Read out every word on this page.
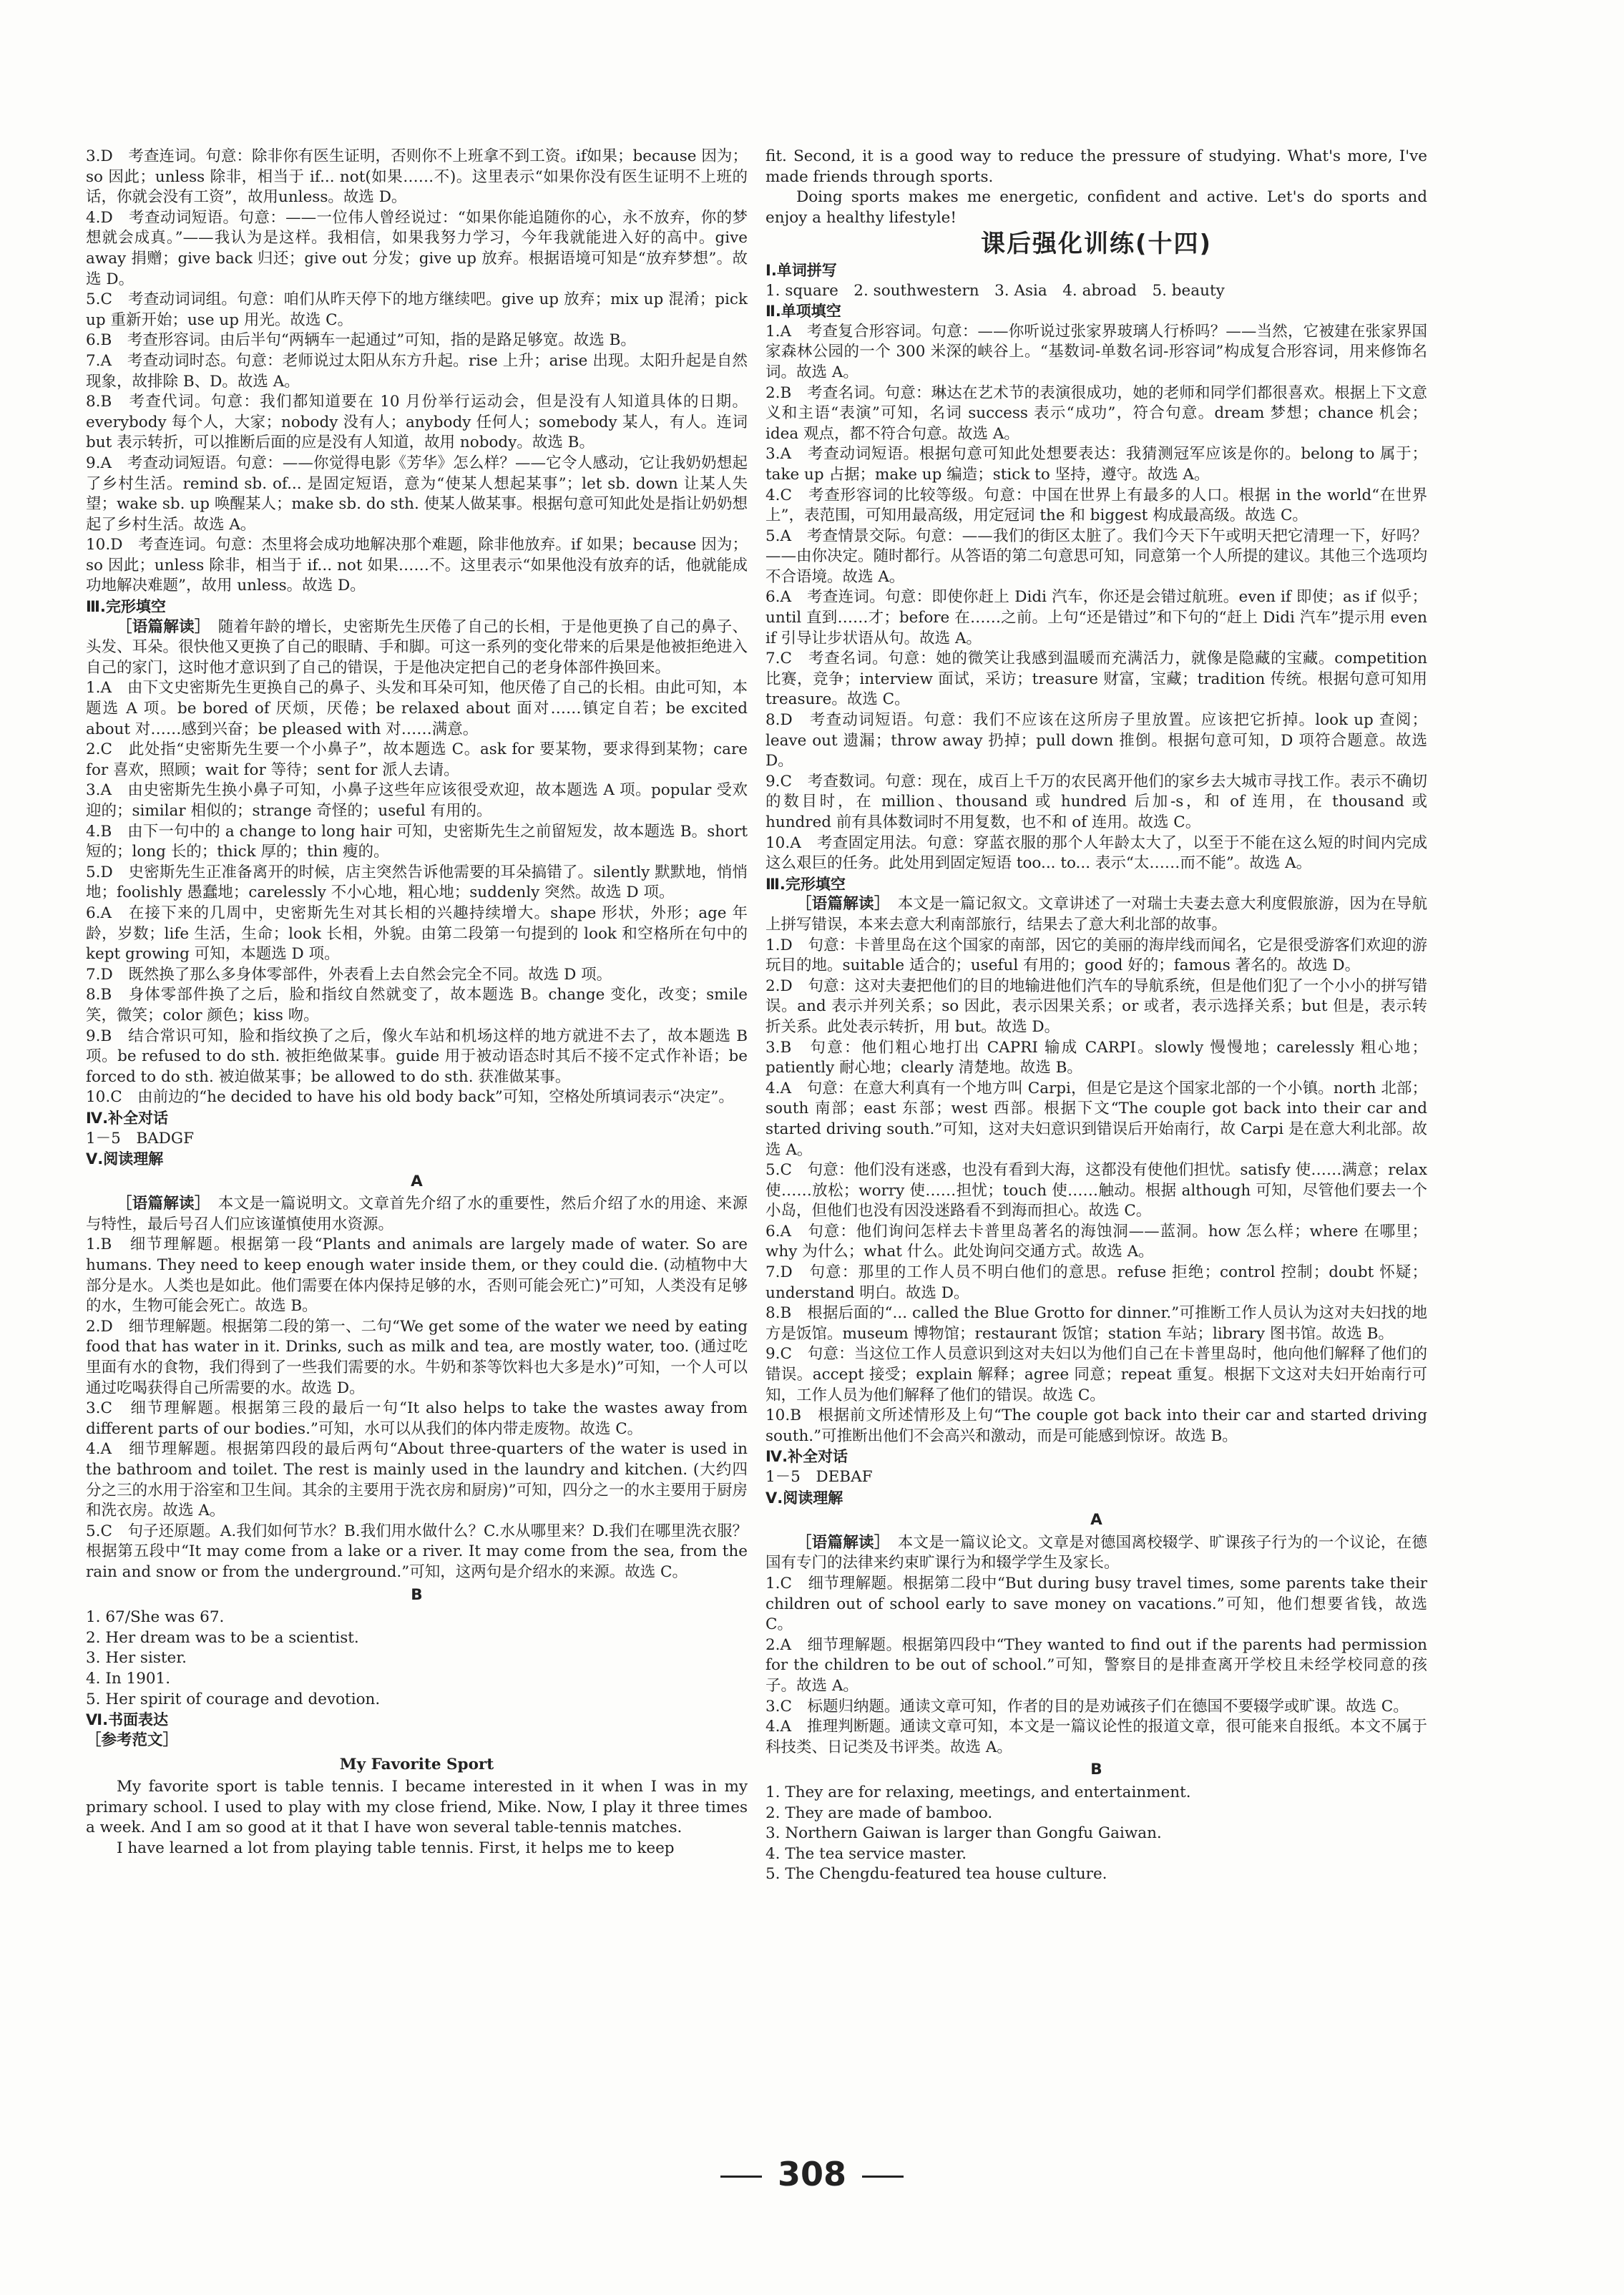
3.D　考查连词。句意：除非你有医生证明，否则你不上班拿不到工资。if如果；because 因为；so 因此；unless 除非，相当于 if... not(如果……不)。这里表示“如果你没有医生证明不上班的话，你就会没有工资”，故用unless。故选 D。

4.D　考查动词短语。句意：——一位伟人曾经说过：“如果你能追随你的心，永不放弃，你的梦想就会成真。”——我认为是这样。我相信，如果我努力学习，今年我就能进入好的高中。give away 捐赠；give back 归还；give out 分发；give up 放弃。根据语境可知是“放弃梦想”。故选 D。

5.C　考查动词词组。句意：咱们从昨天停下的地方继续吧。give up 放弃；mix up 混淆；pick up 重新开始；use up 用光。故选 C。

6.B　考查形容词。由后半句“两辆车一起通过”可知，指的是路足够宽。故选 B。

7.A　考查动词时态。句意：老师说过太阳从东方升起。rise 上升；arise 出现。太阳升起是自然现象，故排除 B、D。故选 A。

8.B　考查代词。句意：我们都知道要在 10 月份举行运动会，但是没有人知道具体的日期。everybody 每个人，大家；nobody 没有人；anybody 任何人；somebody 某人，有人。连词 but 表示转折，可以推断后面的应是没有人知道，故用 nobody。故选 B。

9.A　考查动词短语。句意：——你觉得电影《芳华》怎么样？——它令人感动，它让我奶奶想起了乡村生活。remind sb. of... 是固定短语，意为“使某人想起某事”；let sb. down 让某人失望；wake sb. up 唤醒某人；make sb. do sth. 使某人做某事。根据句意可知此处是指让奶奶想起了乡村生活。故选 A。

10.D　考查连词。句意：杰里将会成功地解决那个难题，除非他放弃。if 如果；because 因为；so 因此；unless 除非，相当于 if... not 如果……不。这里表示“如果他没有放弃的话，他就能成功地解决难题”，故用 unless。故选 D。

Ⅲ.完形填空

［语篇解读］　 随着年龄的增长，史密斯先生厌倦了自己的长相，于是他更换了自己的鼻子、头发、耳朵。很快他又更换了自己的眼睛、手和脚。可这一系列的变化带来的后果是他被拒绝进入自己的家门，这时他才意识到了自己的错误，于是他决定把自己的老身体部件换回来。

1.A　由下文史密斯先生更换自己的鼻子、头发和耳朵可知，他厌倦了自己的长相。由此可知，本题选 A 项。be bored of 厌烦，厌倦；be relaxed about 面对……镇定自若；be excited about 对……感到兴奋；be pleased with 对……满意。

2.C　此处指“史密斯先生要一个小鼻子”，故本题选 C。ask for 要某物，要求得到某物；care for 喜欢，照顾；wait for 等待；sent for 派人去请。

3.A　由史密斯先生换小鼻子可知，小鼻子这些年应该很受欢迎，故本题选 A 项。popular 受欢迎的；similar 相似的；strange 奇怪的；useful 有用的。

4.B　由下一句中的 a change to long hair 可知，史密斯先生之前留短发，故本题选 B。short 短的；long 长的；thick 厚的；thin 瘦的。

5.D　史密斯先生正准备离开的时候，店主突然告诉他需要的耳朵搞错了。silently 默默地，悄悄地；foolishly 愚蠢地；carelessly 不小心地，粗心地；suddenly 突然。故选 D 项。

6.A　在接下来的几周中，史密斯先生对其长相的兴趣持续增大。shape 形状，外形；age 年龄，岁数；life 生活，生命；look 长相，外貌。由第二段第一句提到的 look 和空格所在句中的 kept growing 可知，本题选 D 项。

7.D　既然换了那么多身体零部件，外表看上去自然会完全不同。故选 D 项。

8.B　身体零部件换了之后，脸和指纹自然就变了，故本题选 B。change 变化，改变；smile 笑，微笑；color 颜色；kiss 吻。

9.B　结合常识可知，脸和指纹换了之后，像火车站和机场这样的地方就进不去了，故本题选 B 项。be refused to do sth. 被拒绝做某事。guide 用于被动语态时其后不接不定式作补语；be forced to do sth. 被迫做某事；be allowed to do sth. 获准做某事。

10.C　由前边的“he decided to have his old body back”可知，空格处所填词表示“决定”。

Ⅳ.补全对话

1－5　BADGF

Ⅴ.阅读理解
A

［语篇解读］　 本文是一篇说明文。文章首先介绍了水的重要性，然后介绍了水的用途、来源与特性，最后号召人们应该谨慎使用水资源。

1.B　细节理解题。根据第一段“Plants and animals are largely made of water. So are humans. They need to keep enough water inside them, or they could die. (动植物中大部分是水。人类也是如此。他们需要在体内保持足够的水，否则可能会死亡)”可知，人类没有足够的水，生物可能会死亡。故选 B。

2.D　细节理解题。根据第二段的第一、二句“We get some of the water we need by eating food that has water in it. Drinks, such as milk and tea, are mostly water, too. (通过吃里面有水的食物，我们得到了一些我们需要的水。牛奶和茶等饮料也大多是水)”可知，一个人可以通过吃喝获得自己所需要的水。故选 D。

3.C　细节理解题。根据第三段的最后一句“It also helps to take the wastes away from different parts of our bodies.”可知，水可以从我们的体内带走废物。故选 C。

4.A　细节理解题。根据第四段的最后两句“About three-quarters of the water is used in the bathroom and toilet. The rest is mainly used in the laundry and kitchen. (大约四分之三的水用于浴室和卫生间。其余的主要用于洗衣房和厨房)”可知，四分之一的水主要用于厨房和洗衣房。故选 A。

5.C　句子还原题。A.我们如何节水？B.我们用水做什么？C.水从哪里来？D.我们在哪里洗衣服？根据第五段中“It may come from a lake or a river. It may come from the sea, from the rain and snow or from the underground.”可知，这两句是介绍水的来源。故选 C。

B

1. 67/She was 67.

2. Her dream was to be a scientist.

3. Her sister.

4. In 1901.

5. Her spirit of courage and devotion.

Ⅵ.书面表达
［参考范文］
My Favorite Sport

My favorite sport is table tennis. I became interested in it when I was in my primary school. I used to play with my close friend, Mike. Now, I play it three times a week. And I am so good at it that I have won several table-tennis matches.

I have learned a lot from playing table tennis. First, it helps me to keep

fit. Second, it is a good way to reduce the pressure of studying. What's more, I've made friends through sports.

Doing sports makes me energetic, confident and active. Let's do sports and enjoy a healthy lifestyle!

课后强化训练(十四)
Ⅰ.单词拼写

1. square　2. southwestern　3. Asia　4. abroad　5. beauty

Ⅱ.单项填空

1.A　考查复合形容词。句意：——你听说过张家界玻璃人行桥吗？——当然，它被建在张家界国家森林公园的一个 300 米深的峡谷上。“基数词-单数名词-形容词”构成复合形容词，用来修饰名词。故选 A。

2.B　考查名词。句意：琳达在艺术节的表演很成功，她的老师和同学们都很喜欢。根据上下文意义和主语“表演”可知，名词 success 表示“成功”，符合句意。dream 梦想；chance 机会；idea 观点，都不符合句意。故选 A。

3.A　考查动词短语。根据句意可知此处想要表达：我猜测冠军应该是你的。belong to 属于；take up 占据；make up 编造；stick to 坚持，遵守。故选 A。

4.C　考查形容词的比较等级。句意：中国在世界上有最多的人口。根据 in the world“在世界上”，表范围，可知用最高级，用定冠词 the 和 biggest 构成最高级。故选 C。

5.A　考查情景交际。句意：——我们的街区太脏了。我们今天下午或明天把它清理一下，好吗？——由你决定。随时都行。从答语的第二句意思可知，同意第一个人所提的建议。其他三个选项均不合语境。故选 A。

6.A　考查连词。句意：即使你赶上 Didi 汽车，你还是会错过航班。even if 即使；as if 似乎；until 直到……才；before 在……之前。上句“还是错过”和下句的“赶上 Didi 汽车”提示用 even if 引导让步状语从句。故选 A。

7.C　考查名词。句意：她的微笑让我感到温暖而充满活力，就像是隐藏的宝藏。competition 比赛，竞争；interview 面试，采访；treasure 财富，宝藏；tradition 传统。根据句意可知用 treasure。故选 C。

8.D　考查动词短语。句意：我们不应该在这所房子里放置。应该把它折掉。look up 查阅；leave out 遗漏；throw away 扔掉；pull down 推倒。根据句意可知，D 项符合题意。故选 D。

9.C　考查数词。句意：现在，成百上千万的农民离开他们的家乡去大城市寻找工作。表示不确切的数目时，在 million、thousand 或 hundred 后加-s，和 of 连用，在 thousand 或 hundred 前有具体数词时不用复数，也不和 of 连用。故选 C。

10.A　考查固定用法。句意：穿蓝衣服的那个人年龄太大了，以至于不能在这么短的时间内完成这么艰巨的任务。此处用到固定短语 too... to... 表示“太……而不能”。故选 A。

Ⅲ.完形填空

［语篇解读］　 本文是一篇记叙文。文章讲述了一对瑞士夫妻去意大利度假旅游，因为在导航上拼写错误，本来去意大利南部旅行，结果去了意大利北部的故事。

1.D　句意：卡普里岛在这个国家的南部，因它的美丽的海岸线而闻名，它是很受游客们欢迎的游玩目的地。suitable 适合的；useful 有用的；good 好的；famous 著名的。故选 D。

2.D　句意：这对夫妻把他们的目的地输进他们汽车的导航系统，但是他们犯了一个小小的拼写错误。and 表示并列关系；so 因此，表示因果关系；or 或者，表示选择关系；but 但是，表示转折关系。此处表示转折，用 but。故选 D。

3.B　句意：他们粗心地打出 CAPRI 输成 CARPI。slowly 慢慢地；carelessly 粗心地；patiently 耐心地；clearly 清楚地。故选 B。

4.A　句意：在意大利真有一个地方叫 Carpi，但是它是这个国家北部的一个小镇。north 北部；south 南部；east 东部；west 西部。根据下文“The couple got back into their car and started driving south.”可知，这对夫妇意识到错误后开始南行，故 Carpi 是在意大利北部。故选 A。

5.C　句意：他们没有迷惑，也没有看到大海，这都没有使他们担忧。satisfy 使……满意；relax 使……放松；worry 使……担忧；touch 使……触动。根据 although 可知，尽管他们要去一个小岛，但他们也没有因没迷路看不到海而担心。故选 C。

6.A　句意：他们询问怎样去卡普里岛著名的海蚀洞——蓝洞。how 怎么样；where 在哪里；why 为什么；what 什么。此处询问交通方式。故选 A。

7.D　句意：那里的工作人员不明白他们的意思。refuse 拒绝；control 控制；doubt 怀疑；understand 明白。故选 D。

8.B　根据后面的“... called the Blue Grotto for dinner.”可推断工作人员认为这对夫妇找的地方是饭馆。museum 博物馆；restaurant 饭馆；station 车站；library 图书馆。故选 B。

9.C　句意：当这位工作人员意识到这对夫妇以为他们自己在卡普里岛时，他向他们解释了他们的错误。accept 接受；explain 解释；agree 同意；repeat 重复。根据下文这对夫妇开始南行可知，工作人员为他们解释了他们的错误。故选 C。

10.B　根据前文所述情形及上句“The couple got back into their car and started driving south.”可推断出他们不会高兴和激动，而是可能感到惊讶。故选 B。

Ⅳ.补全对话

1－5　DEBAF

Ⅴ.阅读理解
A

［语篇解读］　 本文是一篇议论文。文章是对德国离校辍学、旷课孩子行为的一个议论，在德国有专门的法律来约束旷课行为和辍学学生及家长。

1.C　细节理解题。根据第二段中“But during busy travel times, some parents take their children out of school early to save money on vacations.”可知，他们想要省钱，故选 C。

2.A　细节理解题。根据第四段中“They wanted to find out if the parents had permission for the children to be out of school.”可知，警察目的是排查离开学校且未经学校同意的孩子。故选 A。

3.C　标题归纳题。通读文章可知，作者的目的是劝诫孩子们在德国不要辍学或旷课。故选 C。

4.A　推理判断题。通读文章可知，本文是一篇议论性的报道文章，很可能来自报纸。本文不属于科技类、日记类及书评类。故选 A。

B

1. They are for relaxing, meetings, and entertainment.

2. They are made of bamboo.

3. Northern Gaiwan is larger than Gongfu Gaiwan.

4. The tea service master.

5. The Chengdu-featured tea house culture.

308
